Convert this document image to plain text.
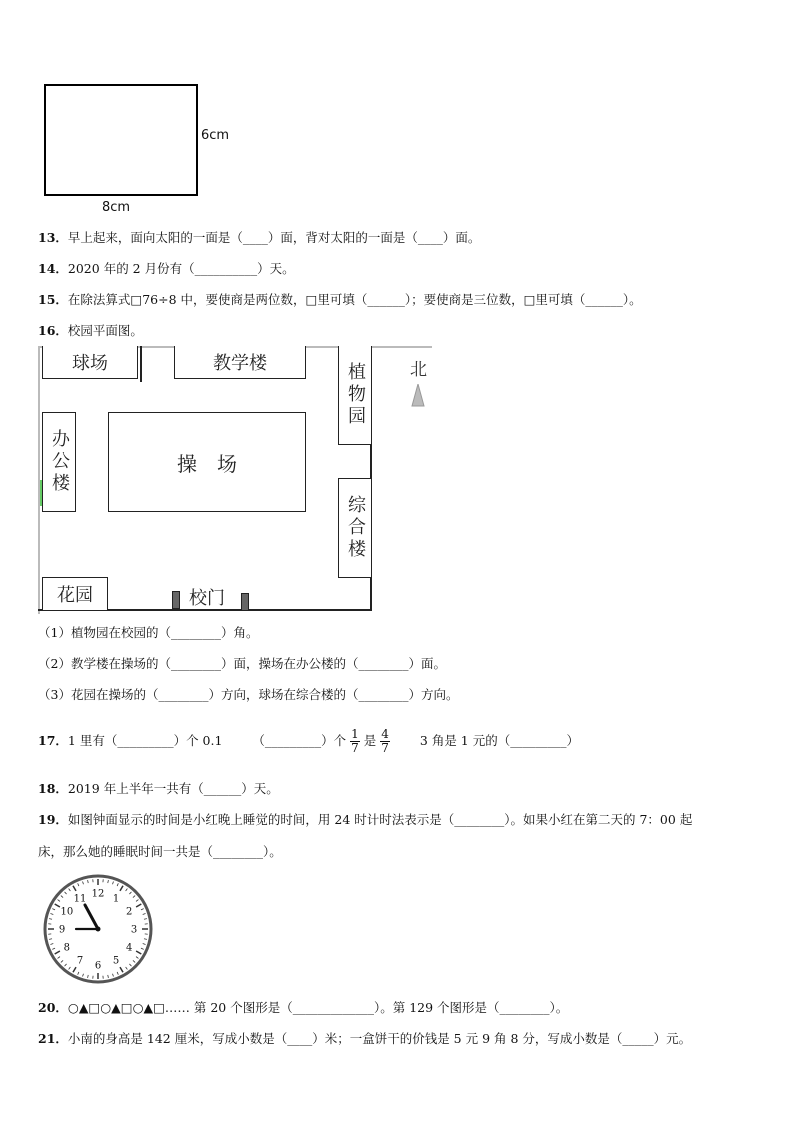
6cm
8cm
13．早上起来，面向太阳的一面是（____）面，背对太阳的一面是（____）面。
14．2020 年的 2 月份有（__________）天。
15．在除法算式□76÷8 中，要使商是两位数，□里可填（______）；要使商是三位数，□里可填（______）。
16．校园平面图。
球场	教学楼	植物园
办公楼	操　场
综合楼
花园	校门
北
（1）植物园在校园的（________）角。
（2）教学楼在操场的（________）面，操场在办公楼的（________）面。
（3）花园在操场的（________）方向，球场在综合楼的（________）方向。
17．1 里有（_________）个 0.1 （_________）个 $\frac{1}{7}$ 是 $\frac{4}{7} 3$ 角是 1 元的（_________）
18．2019 年上半年一共有（______）天。
19．如图钟面显示的时间是小红晚上睡觉的时间，用 24 时计时法表示是（________）。如果小红在第二天的 7：00 起
床，那么她的睡眠时间一共是（________）。
12 1
2
3
4
5
6
7
8
9
10
11
20．○▲□○▲□○▲□…… 第 20 个图形是（_____________）。第 129 个图形是（________）。
21．小南的身高是 142 厘米，写成小数是（____）米；一盒饼干的价钱是 5 元 9 角 8 分，写成小数是（_____）元。
